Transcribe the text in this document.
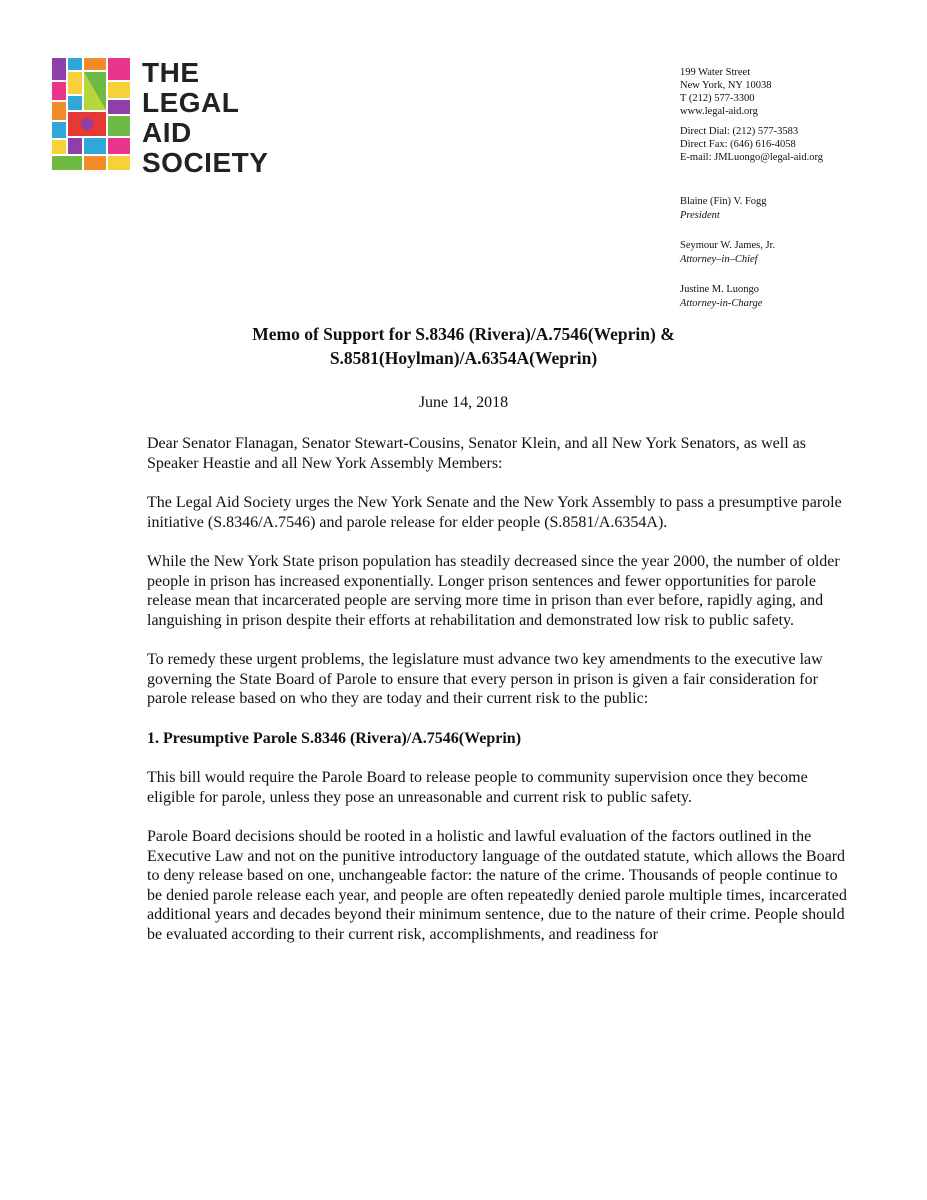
THE
LEGAL
AID
SOCIETY
199 Water Street
New York, NY 10038
T (212) 577-3300
www.legal-aid.org
Direct Dial: (212) 577-3583
Direct Fax: (646) 616-4058
E-mail: JMLuongo@legal-aid.org
Blaine (Fin) V. Fogg
President
Seymour W. James, Jr.
Attorney–in–Chief
Justine M. Luongo
Attorney-in-Charge
Memo of Support for S.8346 (Rivera)/A.7546(Weprin) &
S.8581(Hoylman)/A.6354A(Weprin)
June 14, 2018

Dear Senator Flanagan, Senator Stewart-Cousins, Senator Klein, and all New York Senators, as well as Speaker Heastie and all New York Assembly Members:

The Legal Aid Society urges the New York Senate and the New York Assembly to pass a presumptive parole initiative (S.8346/A.7546) and parole release for elder people (S.8581/A.6354A).

While the New York State prison population has steadily decreased since the year 2000, the number of older people in prison has increased exponentially. Longer prison sentences and fewer opportunities for parole release mean that incarcerated people are serving more time in prison than ever before, rapidly aging, and languishing in prison despite their efforts at rehabilitation and demonstrated low risk to public safety.

To remedy these urgent problems, the legislature must advance two key amendments to the executive law governing the State Board of Parole to ensure that every person in prison is given a fair consideration for parole release based on who they are today and their current risk to the public:

1. Presumptive Parole S.8346 (Rivera)/A.7546(Weprin)

This bill would require the Parole Board to release people to community supervision once they become eligible for parole, unless they pose an unreasonable and current risk to public safety.

Parole Board decisions should be rooted in a holistic and lawful evaluation of the factors outlined in the Executive Law and not on the punitive introductory language of the outdated statute, which allows the Board to deny release based on one, unchangeable factor: the nature of the crime. Thousands of people continue to be denied parole release each year, and people are often repeatedly denied parole multiple times, incarcerated additional years and decades beyond their minimum sentence, due to the nature of their crime. People should be evaluated according to their current risk, accomplishments, and readiness for
